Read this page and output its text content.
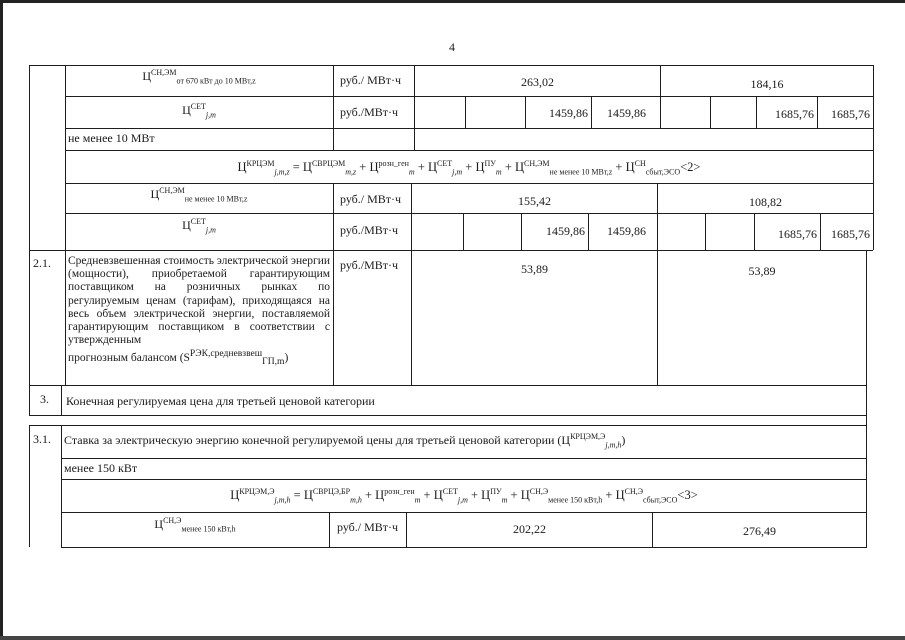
4
$Ц^{СН,ЭМ}_{от 670 кВт до 10 МВт,z}$	руб./ МВт·ч	263,02	184,16
$Ц^{СЕТ}_{j,m}$	руб./МВт·ч	1459,86	1459,86	1685,76	1685,76
не менее 10 МВт
$Ц^{КРЦЭМ}_{j,m,z} = Ц^{СВРЦЭМ}_{m,z} + Ц^{розн\_ген}_m + Ц^{СЕТ}_{j,m} + Ц^{ПУ}_m + Ц^{СН,ЭМ}_{не менее 10 МВт,z} + Ц^{СН}_{сбыт,ЭСО}<2>$
$Ц^{СН,ЭМ}_{не менее 10 МВт,z}$	руб./ МВт·ч	155,42	108,82
$Ц^{СЕТ}_{j,m}$	руб./МВт·ч	1459,86	1459,86	1685,76	1685,76
2.1. Средневзвешенная стоимость электрической энергии (мощности), приобретаемой гарантирующим поставщиком на розничных рынках по регулируемым ценам (тарифам), приходящаяся на весь объем электрической энергии, поставляемой гарантирующим поставщиком в соответствии с утвержденным
прогнозным балансом $(S^{РЭК,средневзвеш}_{ГП,m})$
руб./МВт·ч	53,89	53,89
3. Конечная регулируемая цена для третьей ценовой категории
3.1. Ставка за электрическую энергию конечной регулируемой цены для третьей ценовой категории $(Ц^{КРЦЭМ,Э}_{j,m,h})$
менее 150 кВт
$Ц^{КРЦЭМ,Э}_{j,m,h} = Ц^{СВРЦЭ,БР}_{m,h} + Ц^{розн\_ген}_m + Ц^{СЕТ}_{j,m} + Ц^{ПУ}_m + Ц^{СН,Э}_{менее 150 кВт,h} + Ц^{СН,Э}_{сбыт,ЭСО}<3>$
$Ц^{СН,Э}_{менее 150 кВт,h}$	руб./ МВт·ч	202,22	276,49
